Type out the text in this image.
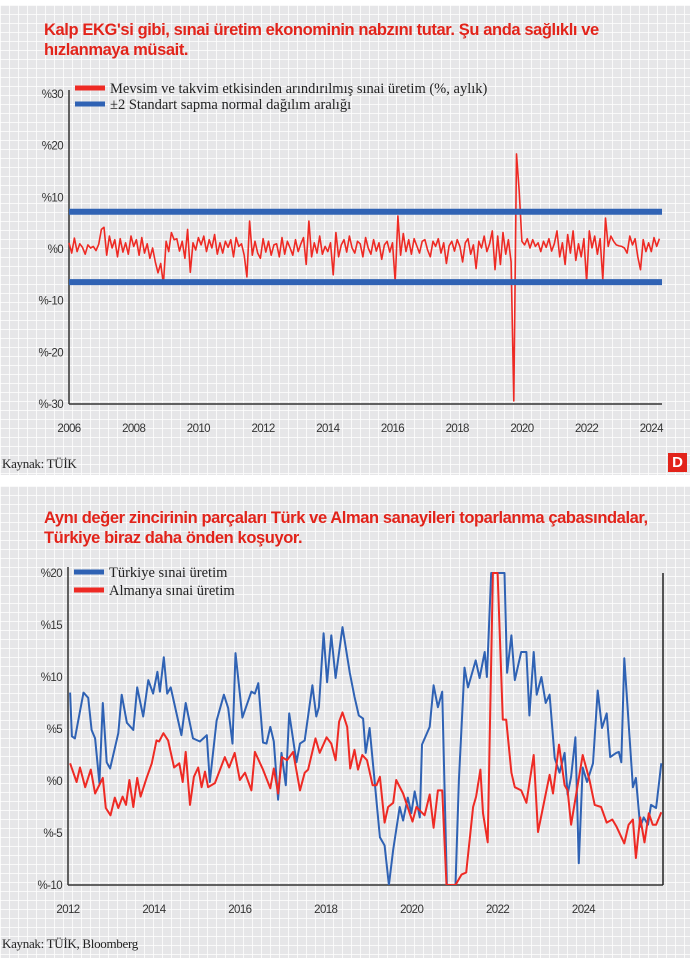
Kalp EKG'si gibi, sınai üretim ekonominin nabzını tutar. Şu anda sağlıklı ve hızlanmaya müsait.
Kaynak: TÜİK	D
Aynı değer zincirinin parçaları Türk ve Alman sanayileri toparlanma çabasındalar, Türkiye biraz daha önden koşuyor.
Kaynak: TÜİK, Bloomberg
%30
%20
%10
%0
%-10
%-20
%-30
2006	2008	2010	2012	2014	2016	2018	2020	2022	2024
Mevsim ve takvim etkisinden arındırılmış sınai üretim (%, aylık)
±2 Standart sapma normal dağılım aralığı
%20
%15
%10
%5
%0
%-5
%-10
2012	2014	2016	2018	2020	2022	2024
Türkiye sınai üretim
Almanya sınai üretim
